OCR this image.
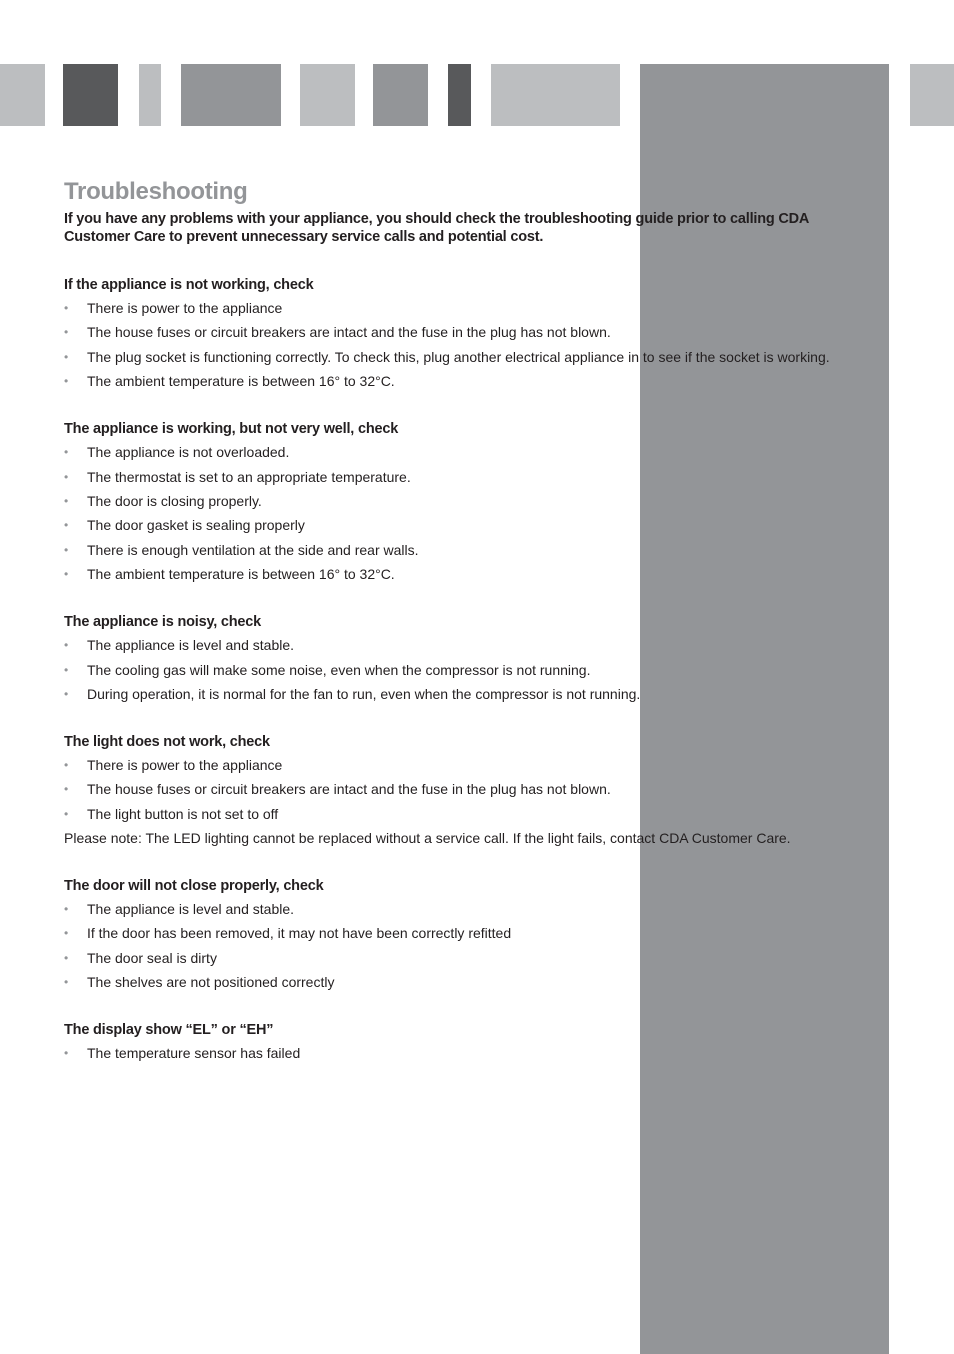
Troubleshooting

If you have any problems with your appliance, you should check the troubleshooting guide prior to calling CDA Customer Care to prevent unnecessary service calls and potential cost.

If the appliance is not working, check
• There is power to the appliance
• The house fuses or circuit breakers are intact and the fuse in the plug has not blown.
• The plug socket is functioning correctly. To check this, plug another electrical appliance in to see if the socket is working.
• The ambient temperature is between 16° to 32°C.
The appliance is working, but not very well, check
• The appliance is not overloaded.
• The thermostat is set to an appropriate temperature.
• The door is closing properly.
• The door gasket is sealing properly
• There is enough ventilation at the side and rear walls.
• The ambient temperature is between 16° to 32°C.
The appliance is noisy, check
• The appliance is level and stable.
• The cooling gas will make some noise, even when the compressor is not running.
• During operation, it is normal for the fan to run, even when the compressor is not running.
The light does not work, check
• There is power to the appliance
• The house fuses or circuit breakers are intact and the fuse in the plug has not blown.
• The light button is not set to off

Please note: The LED lighting cannot be replaced without a service call. If the light fails, contact CDA Customer Care.

The door will not close properly, check
• The appliance is level and stable.
• If the door has been removed, it may not have been correctly refitted
• The door seal is dirty
• The shelves are not positioned correctly
The display show “EL” or “EH”
• The temperature sensor has failed
